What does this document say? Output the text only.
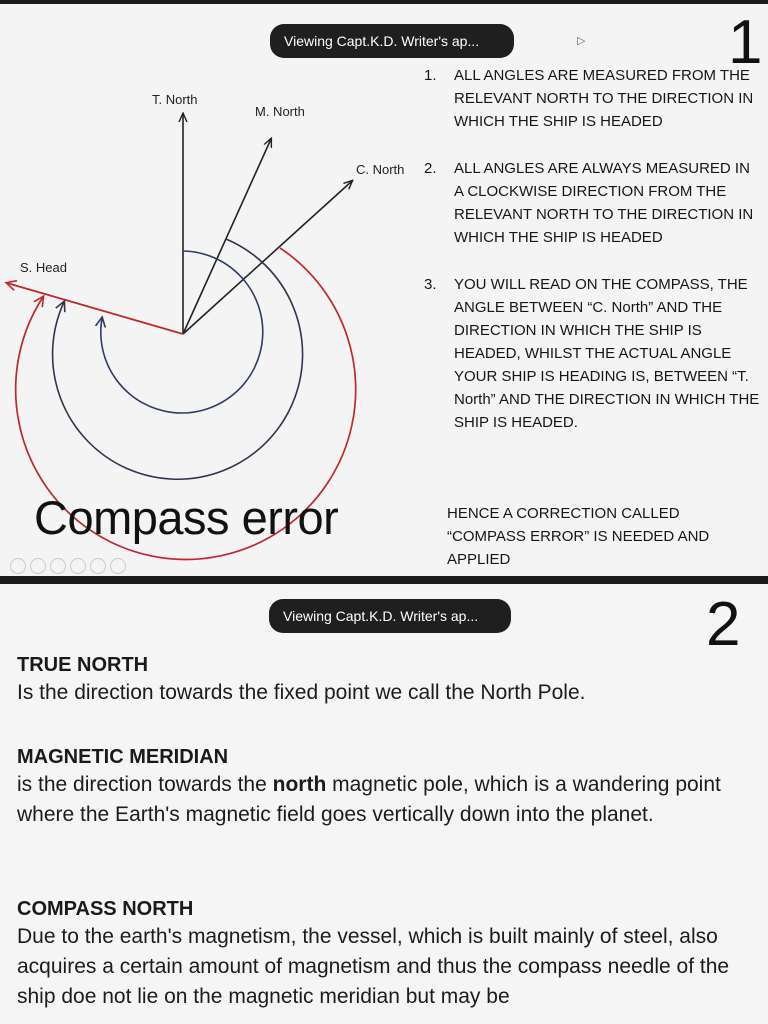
Viewing Capt.K.D. Writer's ap...	▷ 1
T. North
M. North
C. North
S. Head
1. ALL ANGLES ARE MEASURED FROM THE RELEVANT NORTH TO THE DIRECTION IN WHICH THE SHIP IS HEADED
2. ALL ANGLES ARE ALWAYS MEASURED IN A CLOCKWISE DIRECTION FROM THE RELEVANT NORTH TO THE DIRECTION IN WHICH THE SHIP IS HEADED
3. YOU WILL READ ON THE COMPASS, THE ANGLE BETWEEN “C. North” AND THE DIRECTION IN WHICH THE SHIP IS HEADED, WHILST THE ACTUAL ANGLE YOUR SHIP IS HEADING IS, BETWEEN “T. North” AND THE DIRECTION IN WHICH THE SHIP IS HEADED.
HENCE A CORRECTION CALLED “COMPASS ERROR” IS NEEDED AND APPLIED
Compass error
Viewing Capt.K.D. Writer's ap...	2
TRUE NORTH

Is the direction towards the fixed point we call the North Pole.

MAGNETIC MERIDIAN

is the direction towards the north magnetic pole, which is a wandering point where the Earth's magnetic field goes vertically down into the planet.

COMPASS NORTH

Due to the earth's magnetism, the vessel, which is built mainly of steel, also acquires a certain amount of magnetism and thus the compass needle of the ship doe not lie on the magnetic meridian but may be
